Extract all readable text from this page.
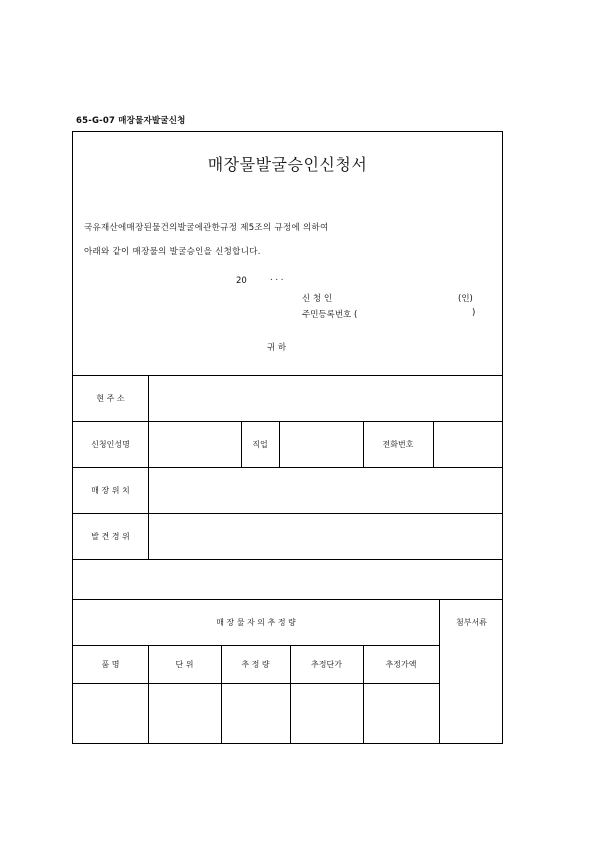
65-G-07 매장물자발굴신청
매장물발굴승인신청서
국유재산에매장된물건의발굴에관한규정 제5조의 규정에 의하여
아래와 같이 매장물의 발굴승인을 신청합니다.
20	. . .
신 청 인	(인)
주민등록번호 (	)
귀 하
현 주 소
신청인성명	직업	전화번호
매 장 위 치
발 견 경 위
매 장 물 자 의 추 정 량	첨부서류
품 명	단 위	추 정 량	추정단가	추정가액
